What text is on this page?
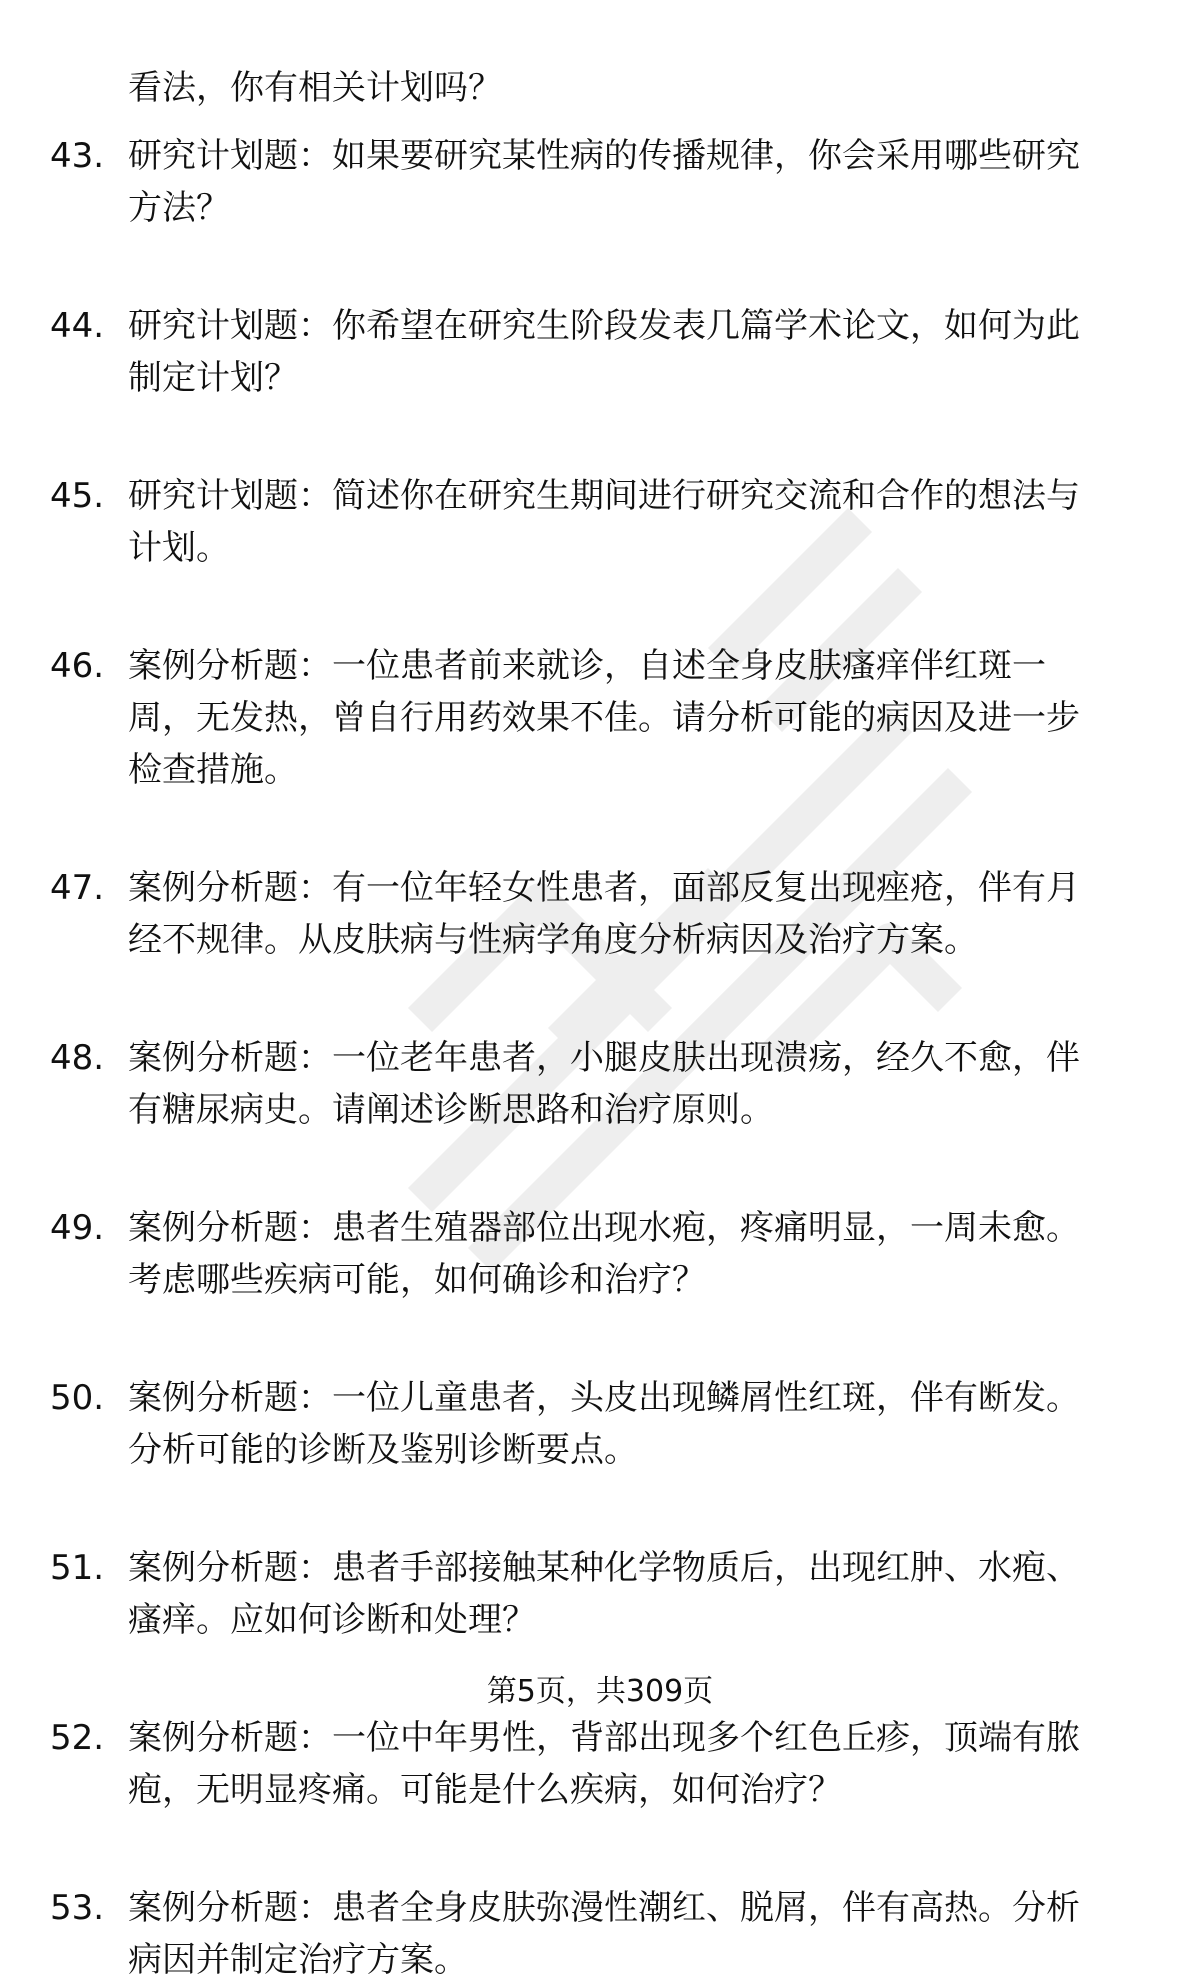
看法，你有相关计划吗？
43. 研究计划题：如果要研究某性病的传播规律，你会采用哪些研究
方法？
44. 研究计划题：你希望在研究生阶段发表几篇学术论文，如何为此
制定计划？
45. 研究计划题：简述你在研究生期间进行研究交流和合作的想法与
计划。
46. 案例分析题：一位患者前来就诊，自述全身皮肤瘙痒伴红斑一
周，无发热，曾自行用药效果不佳。请分析可能的病因及进一步
检查措施。
47. 案例分析题：有一位年轻女性患者，面部反复出现痤疮，伴有月
经不规律。从皮肤病与性病学角度分析病因及治疗方案。
48. 案例分析题：一位老年患者，小腿皮肤出现溃疡，经久不愈，伴
有糖尿病史。请阐述诊断思路和治疗原则。
49. 案例分析题：患者生殖器部位出现水疱，疼痛明显，一周未愈。
考虑哪些疾病可能，如何确诊和治疗？
50. 案例分析题：一位儿童患者，头皮出现鳞屑性红斑，伴有断发。
分析可能的诊断及鉴别诊断要点。
51. 案例分析题：患者手部接触某种化学物质后，出现红肿、水疱、
瘙痒。应如何诊断和处理？
52. 案例分析题：一位中年男性，背部出现多个红色丘疹，顶端有脓
疱，无明显疼痛。可能是什么疾病，如何治疗？
53. 案例分析题：患者全身皮肤弥漫性潮红、脱屑，伴有高热。分析
病因并制定治疗方案。
第5页，共309页
